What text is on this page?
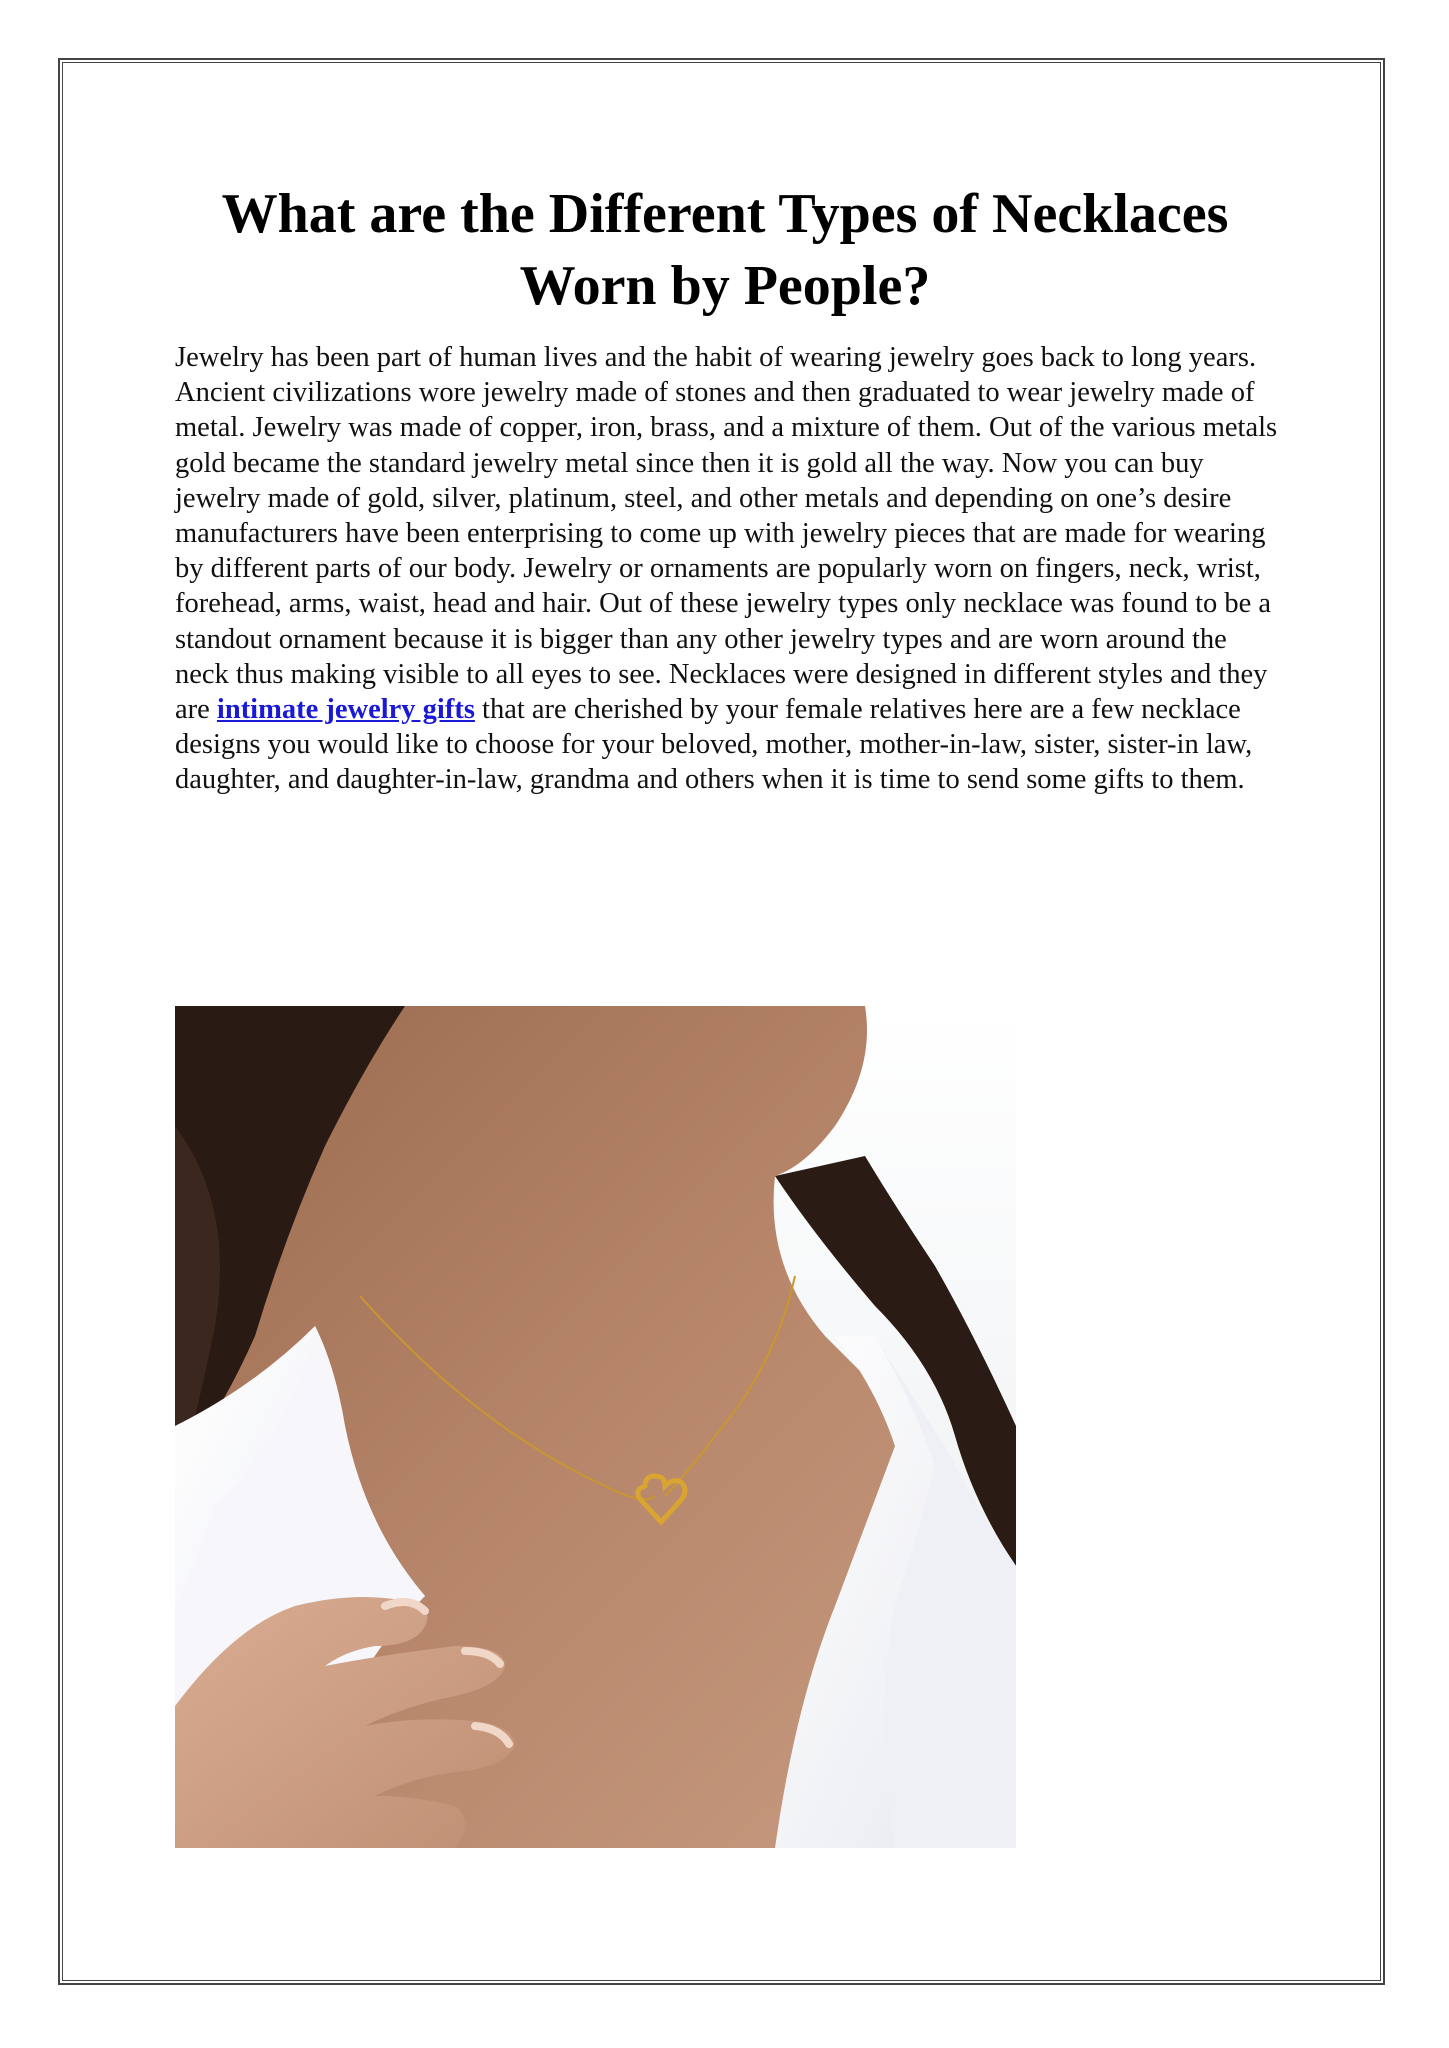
What are the Different Types of Necklaces
Worn by People?

Jewelry has been part of human lives and the habit of wearing jewelry goes back to long years. Ancient civilizations wore jewelry made of stones and then graduated to wear jewelry made of metal. Jewelry was made of copper, iron, brass, and a mixture of them. Out of the various metals gold became the standard jewelry metal since then it is gold all the way. Now you can buy jewelry made of gold, silver, platinum, steel, and other metals and depending on one’s desire manufacturers have been enterprising to come up with jewelry pieces that are made for wearing by different parts of our body. Jewelry or ornaments are popularly worn on fingers, neck, wrist, forehead, arms, waist, head and hair. Out of these jewelry types only necklace was found to be a standout ornament because it is bigger than any other jewelry types and are worn around the neck thus making visible to all eyes to see. Necklaces were designed in different styles and they are intimate jewelry gifts that are cherished by your female relatives here are a few necklace designs you would like to choose for your beloved, mother, mother-in-law, sister, sister-in law, daughter, and daughter-in-law, grandma and others when it is time to send some gifts to them.
